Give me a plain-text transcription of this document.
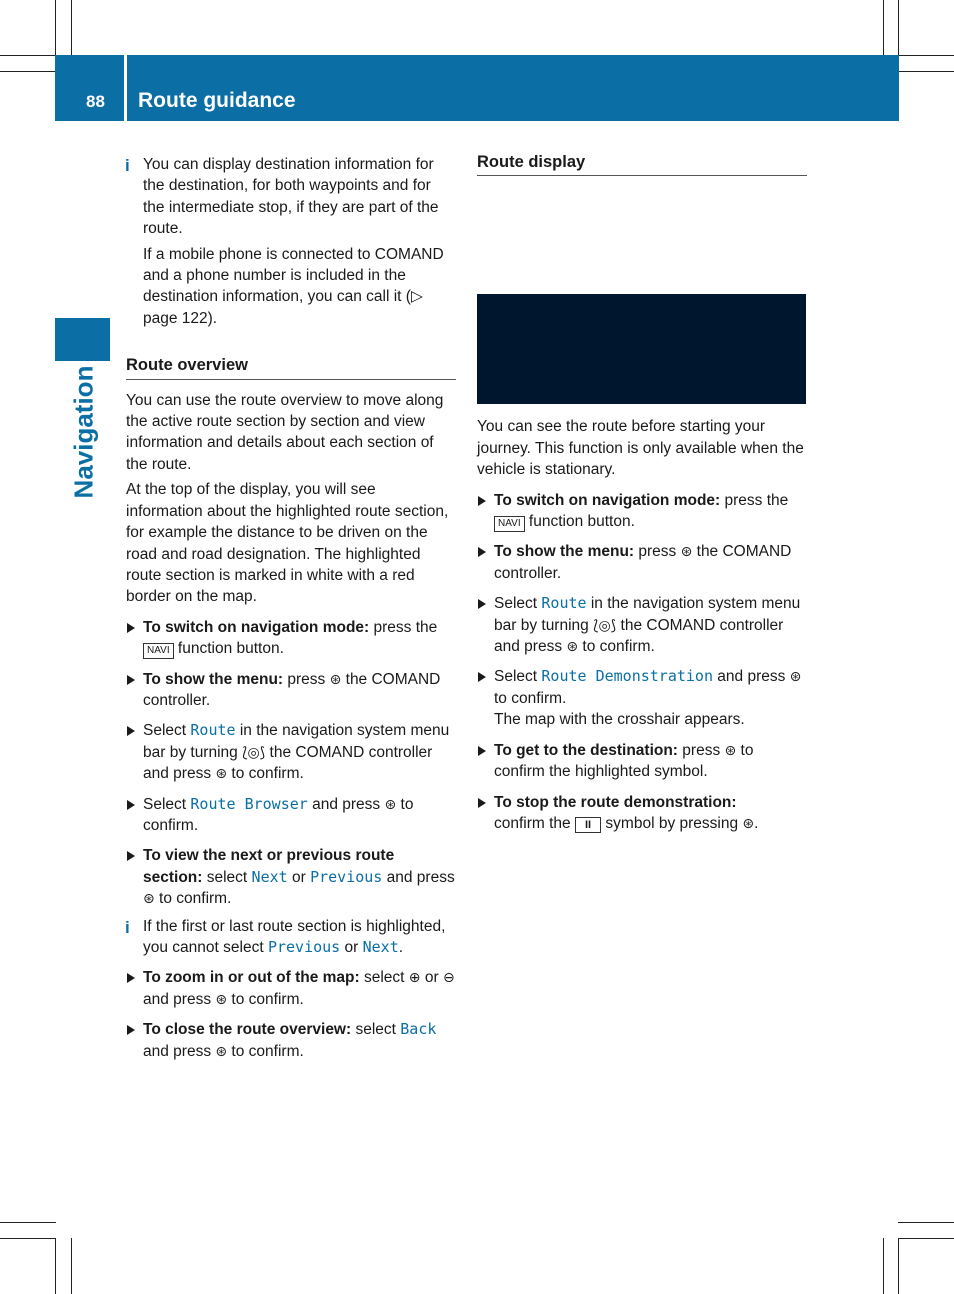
88 Route guidance
Navigation
i You can display destination information for the destination, for both waypoints and for the intermediate stop, if they are part of the route.

If a mobile phone is connected to COMAND and a phone number is included in the destination information, you can call it (▷ page 122).

Route overview

You can use the route overview to move along the active route section by section and view information and details about each section of the route.

At the top of the display, you will see information about the highlighted route section, for example the distance to be driven on the road and road designation. The highlighted route section is marked in white with a red border on the map.

To switch on navigation mode: press the NAVI function button.
To show the menu: press ⊛ the COMAND controller.
Select Route in the navigation system menu bar by turning ⟅◎⟆ the COMAND controller and press ⊛ to confirm.
Select Route Browser and press ⊛ to confirm.
To view the next or previous route section: select Next or Previous and press ⊛ to confirm.
i If the first or last route section is highlighted, you cannot select Previous or Next.

To zoom in or out of the map: select ⊕ or ⊖ and press ⊛ to confirm.
To close the route overview: select Back and press ⊛ to confirm.
Route display

You can see the route before starting your journey. This function is only available when the vehicle is stationary.

To switch on navigation mode: press the NAVI function button.
To show the menu: press ⊛ the COMAND controller.
Select Route in the navigation system menu bar by turning ⟅◎⟆ the COMAND controller and press ⊛ to confirm.
Select Route Demonstration and press ⊛ to confirm.

The map with the crosshair appears.

To get to the destination: press ⊛ to confirm the highlighted symbol.
To stop the route demonstration:
confirm the II symbol by pressing ⊛.
